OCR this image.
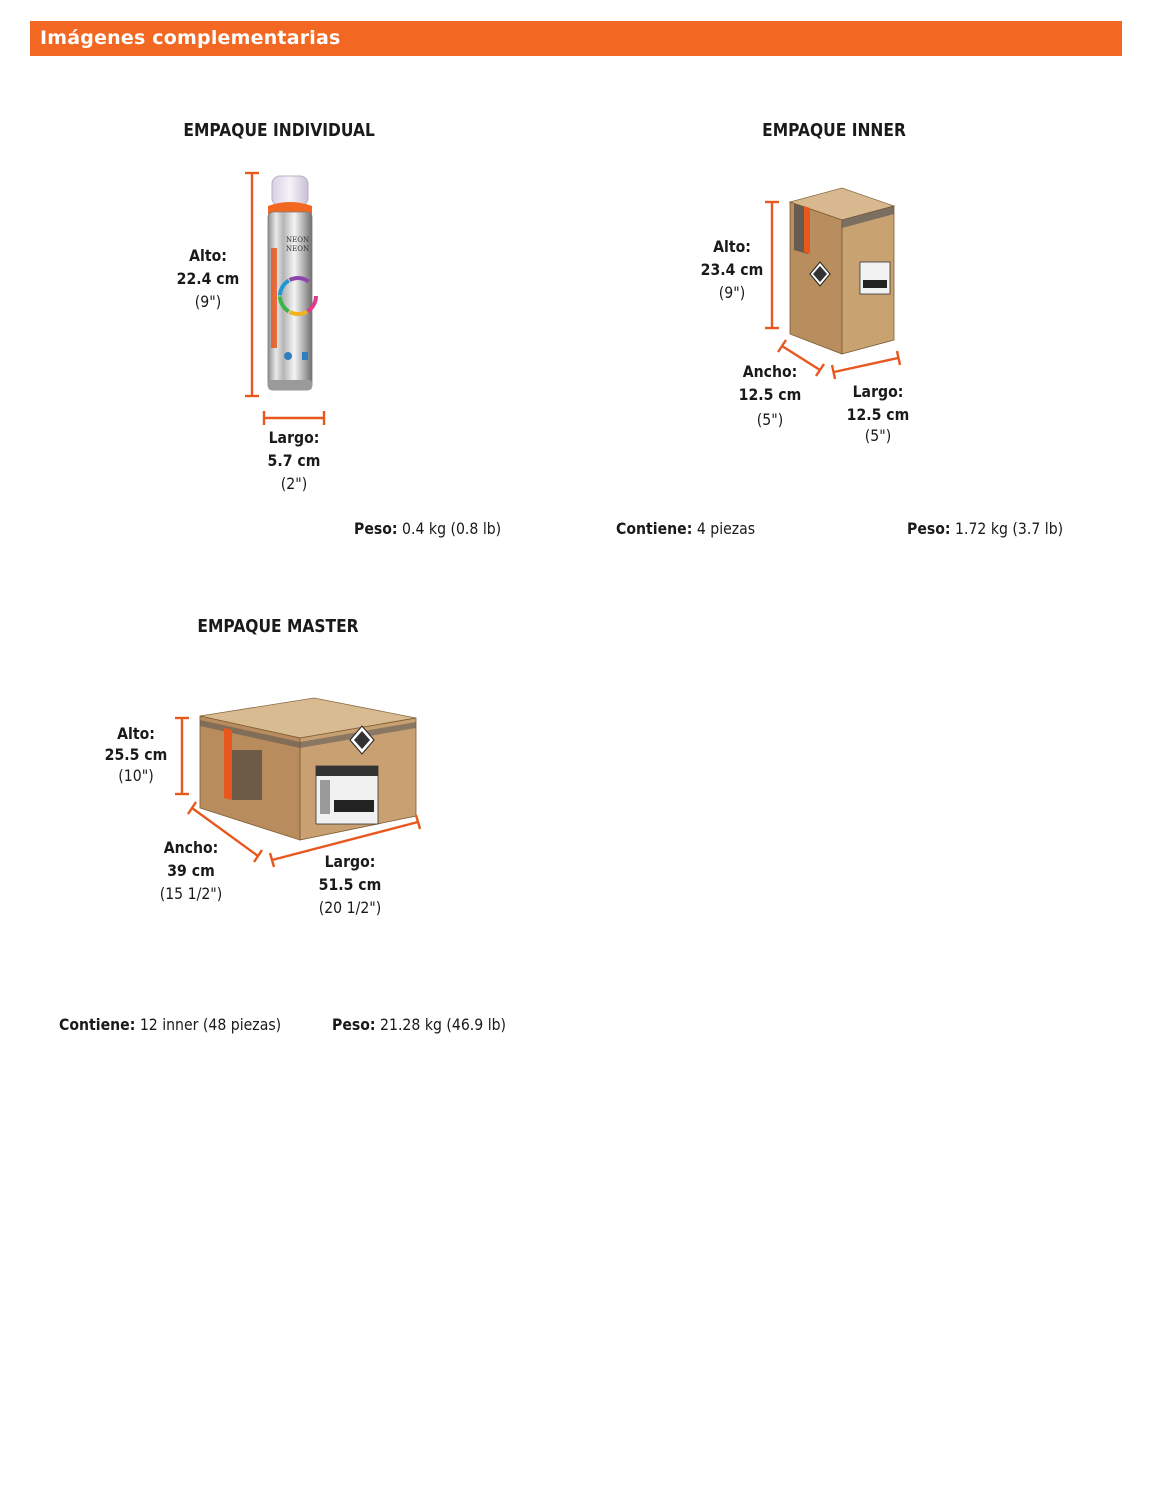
Imágenes complementarias
EMPAQUE INDIVIDUAL
NEON
NEON
Alto:
22.4 cm
(9")
Largo:
5.7 cm
(2")
Peso: 0.4 kg (0.8 lb)
EMPAQUE INNER
Alto:
23.4 cm
(9")
Ancho:
12.5 cm
(5")
Largo:
12.5 cm
(5")
Contiene: 4 piezas	Peso: 1.72 kg (3.7 lb)
EMPAQUE MASTER
Alto:
25.5 cm
(10")
Ancho:
39 cm
(15 1/2")
Largo:
51.5 cm
(20 1/2")
Contiene: 12 inner (48 piezas)	Peso: 21.28 kg (46.9 lb)
